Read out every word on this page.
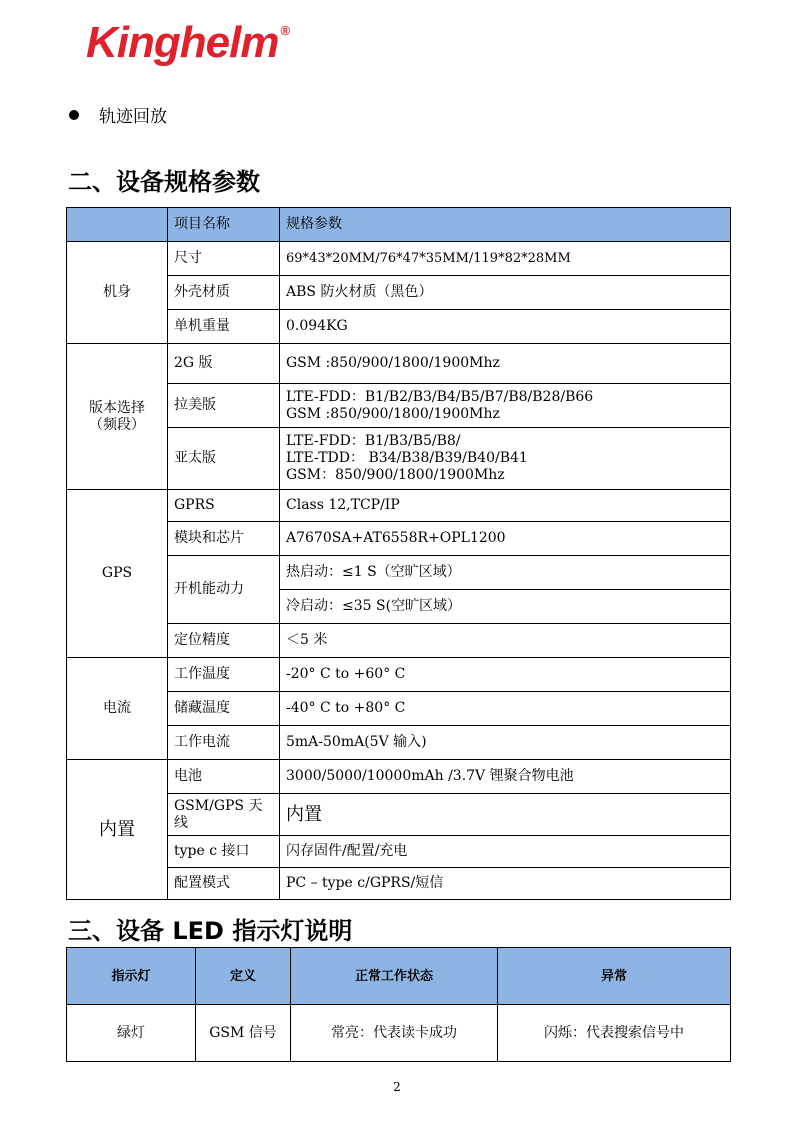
Kinghelm ®
轨迹回放
二、设备规格参数
	项目名称	规格参数
机身	尺寸	69*43*20MM/76*47*35MM/119*82*28MM
	外壳材质	ABS 防火材质（黑色）
	单机重量	0.094KG

版本选择
（频段）	2G 版	GSM :850/900/1800/1900Mhz
	拉美版	LTE-FDD：B1/B2/B3/B4/B5/B7/B8/B28/B66
GSM :850/900/1800/1900Mhz

	亚太版	LTE-FDD：B1/B3/B5/B8/
LTE-TDD： B34/B38/B39/B40/B41
GSM：850/900/1800/1900Mhz

GPS	GPRS	Class 12,TCP/IP
	模块和芯片	A7670SA+AT6558R+OPL1200
	开机能动力	热启动：≤1 S（空旷区域）
		冷启动：≤35 S(空旷区域）
	定位精度	＜5 米
电流	工作温度	-20° C to +60° C
	储藏温度	-40° C to +80° C
	工作电流	5mA-50mA(5V 输入)
内置	电池	3000/5000/10000mAh /3.7V 锂聚合物电池
	GSM/GPS 天线	内置
	type c 接口	闪存固件/配置/充电
	配置模式	PC – type c/GPRS/短信
三、设备 LED 指示灯说明
指示灯	定义	正常工作状态	异常
绿灯	GSM 信号	常亮：代表读卡成功	闪烁：代表搜索信号中
2
